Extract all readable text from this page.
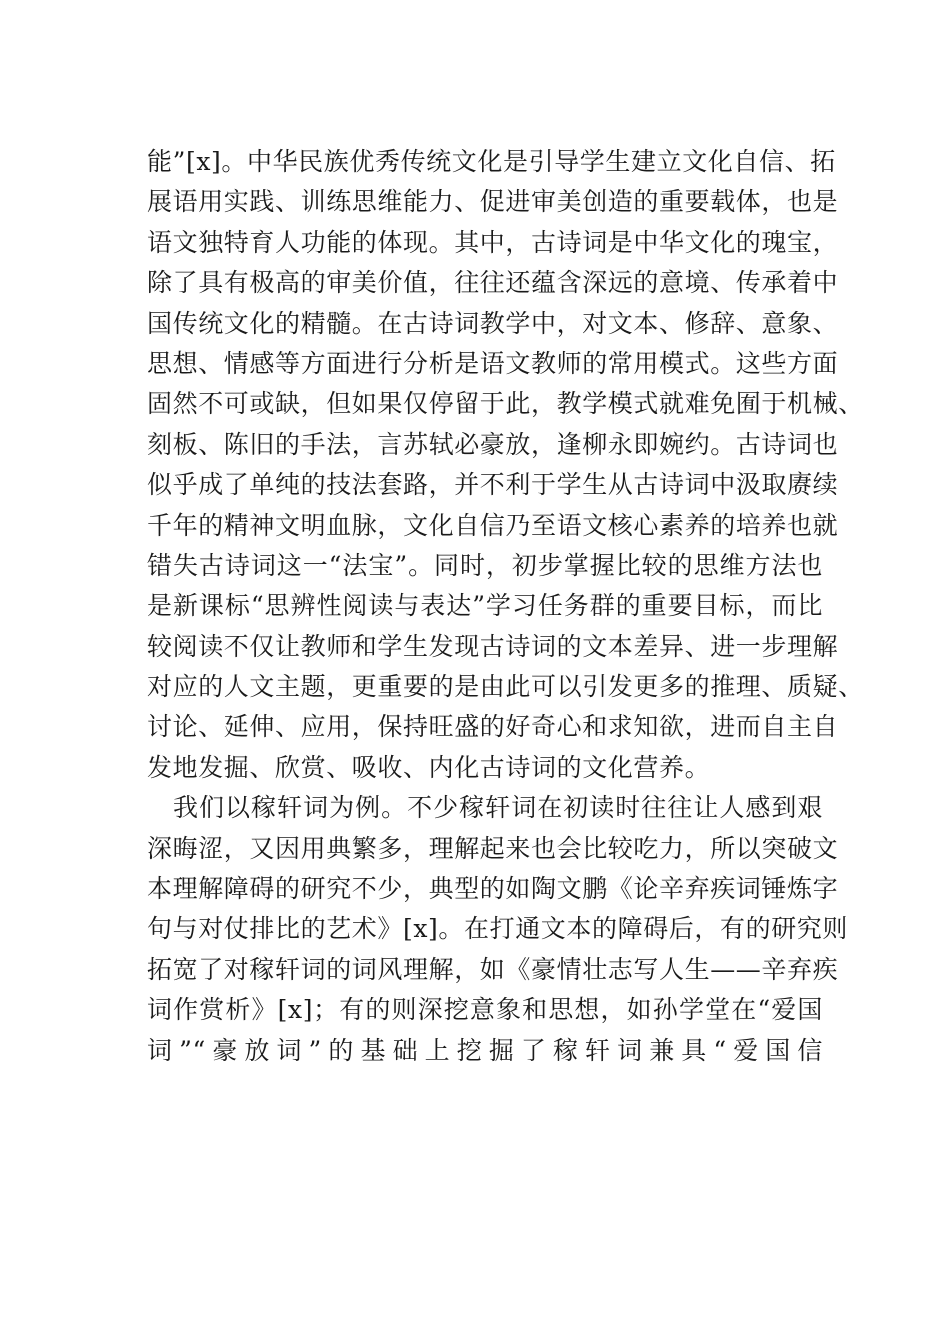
能”[x]。中华民族优秀传统文化是引导学生建立文化自信、拓
展语用实践、训练思维能力、促进审美创造的重要载体，也是
语文独特育人功能的体现。其中，古诗词是中华文化的瑰宝，
除了具有极高的审美价值，往往还蕴含深远的意境、传承着中
国传统文化的精髓。在古诗词教学中，对文本、修辞、意象、
思想、情感等方面进行分析是语文教师的常用模式。这些方面
固然不可或缺，但如果仅停留于此，教学模式就难免囿于机械、
刻板、陈旧的手法，言苏轼必豪放，逢柳永即婉约。古诗词也
似乎成了单纯的技法套路，并不利于学生从古诗词中汲取赓续
千年的精神文明血脉，文化自信乃至语文核心素养的培养也就
错失古诗词这一“法宝”。同时，初步掌握比较的思维方法也
是新课标“思辨性阅读与表达”学习任务群的重要目标，而比
较阅读不仅让教师和学生发现古诗词的文本差异、进一步理解
对应的人文主题，更重要的是由此可以引发更多的推理、质疑、
讨论、延伸、应用，保持旺盛的好奇心和求知欲，进而自主自
发地发掘、欣赏、吸收、内化古诗词的文化营养。
我们以稼轩词为例。不少稼轩词在初读时往往让人感到艰
深晦涩，又因用典繁多，理解起来也会比较吃力，所以突破文
本理解障碍的研究不少，典型的如陶文鹏《论辛弃疾词锤炼字
句与对仗排比的艺术》[x]。在打通文本的障碍后，有的研究则
拓宽了对稼轩词的词风理解，如《豪情壮志写人生——辛弃疾
词作赏析》[x]；有的则深挖意象和思想，如孙学堂在“爱国
词”“豪放词”的基础上挖掘了稼轩词兼具“爱国信
